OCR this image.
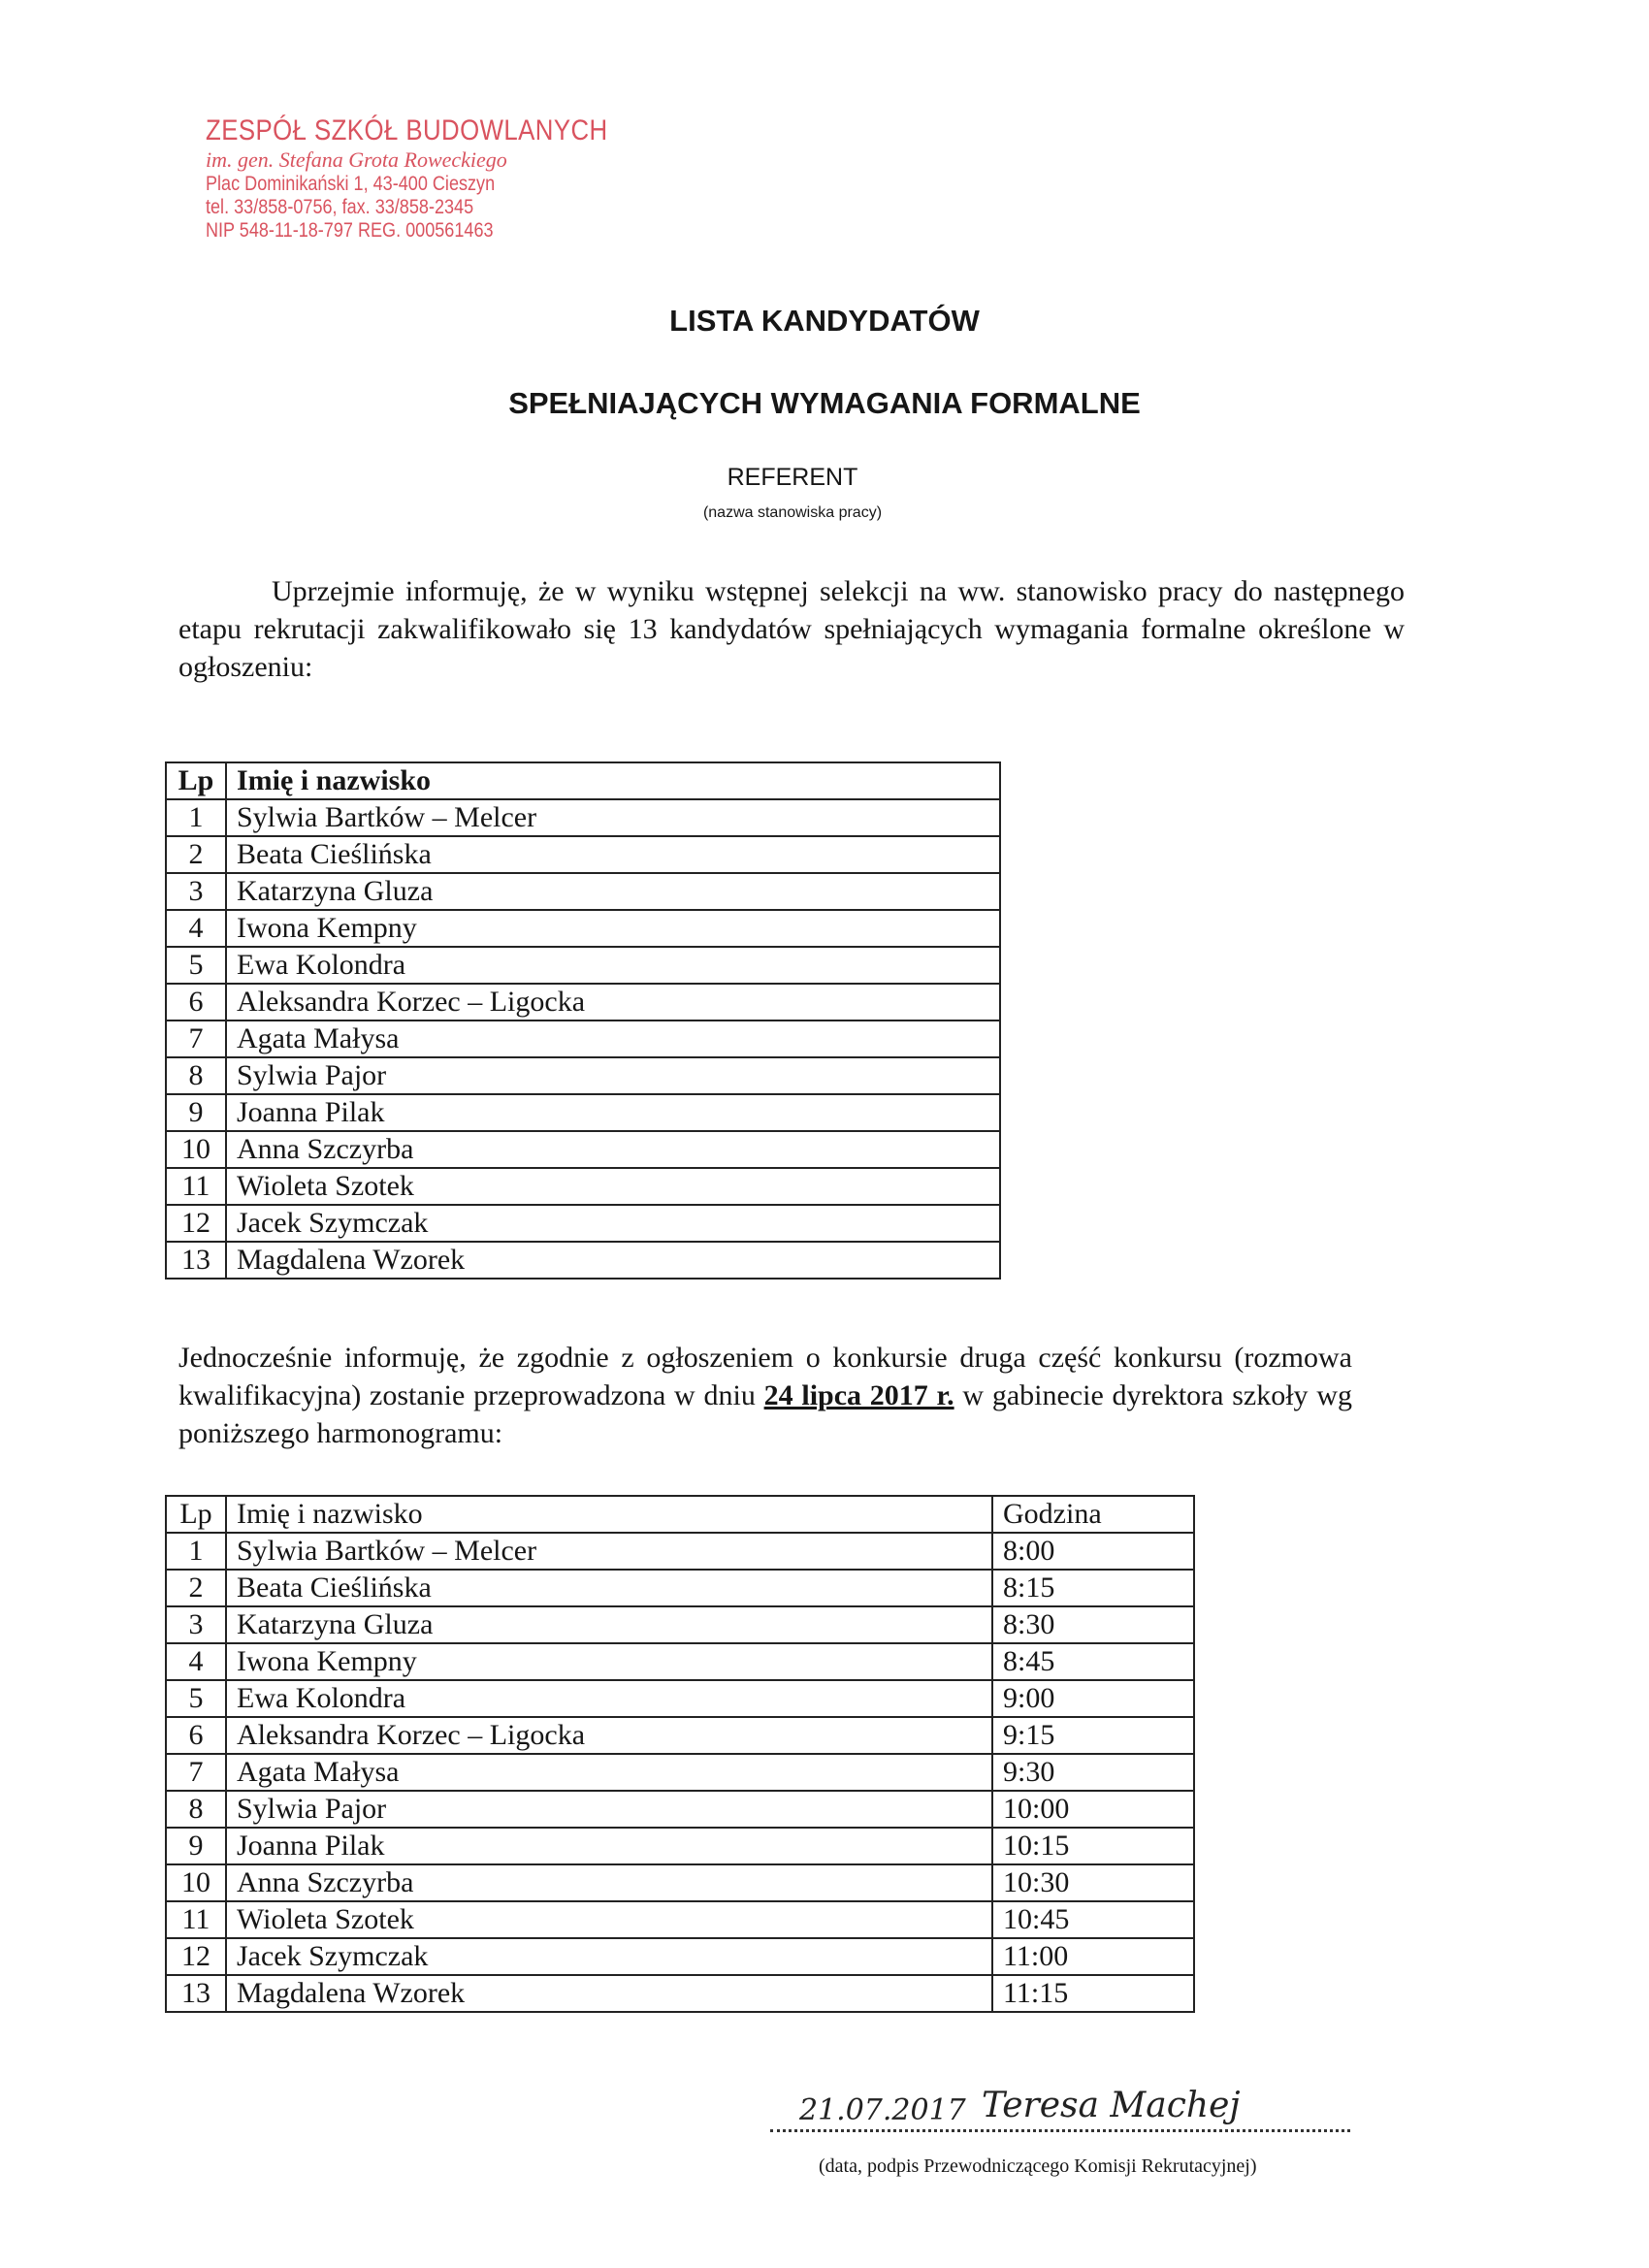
ZESPÓŁ SZKÓŁ BUDOWLANYCH
im. gen. Stefana Grota Roweckiego
Plac Dominikański 1, 43-400 Cieszyn
tel. 33/858-0756, fax. 33/858-2345
NIP 548-11-18-797 REG. 000561463
LISTA KANDYDATÓW
SPEŁNIAJĄCYCH WYMAGANIA FORMALNE
REFERENT
(nazwa stanowiska pracy)
Uprzejmie informuję, że w wyniku wstępnej selekcji na ww. stanowisko pracy do następnego etapu rekrutacji zakwalifikowało się 13 kandydatów spełniających wymagania formalne określone w ogłoszeniu:
Lp	Imię i nazwisko
1	Sylwia Bartków – Melcer
2	Beata Cieślińska
3	Katarzyna Gluza
4	Iwona Kempny
5	Ewa Kolondra
6	Aleksandra Korzec – Ligocka
7	Agata Małysa
8	Sylwia Pajor
9	Joanna Pilak
10	Anna Szczyrba
11	Wioleta Szotek
12	Jacek Szymczak
13	Magdalena Wzorek
Jednocześnie informuję, że zgodnie z ogłoszeniem o konkursie druga część konkursu (rozmowa kwalifikacyjna) zostanie przeprowadzona w dniu 24 lipca 2017 r. w gabinecie dyrektora szkoły wg poniższego harmonogramu:
Lp	Imię i nazwisko	Godzina
1	Sylwia Bartków – Melcer	8:00
2	Beata Cieślińska	8:15
3	Katarzyna Gluza	8:30
4	Iwona Kempny	8:45
5	Ewa Kolondra	9:00
6	Aleksandra Korzec – Ligocka	9:15
7	Agata Małysa	9:30
8	Sylwia Pajor	10:00
9	Joanna Pilak	10:15
10	Anna Szczyrba	10:30
11	Wioleta Szotek	10:45
12	Jacek Szymczak	11:00
13	Magdalena Wzorek	11:15
21.07.2017 Teresa Machej
(data, podpis Przewodniczącego Komisji Rekrutacyjnej)
